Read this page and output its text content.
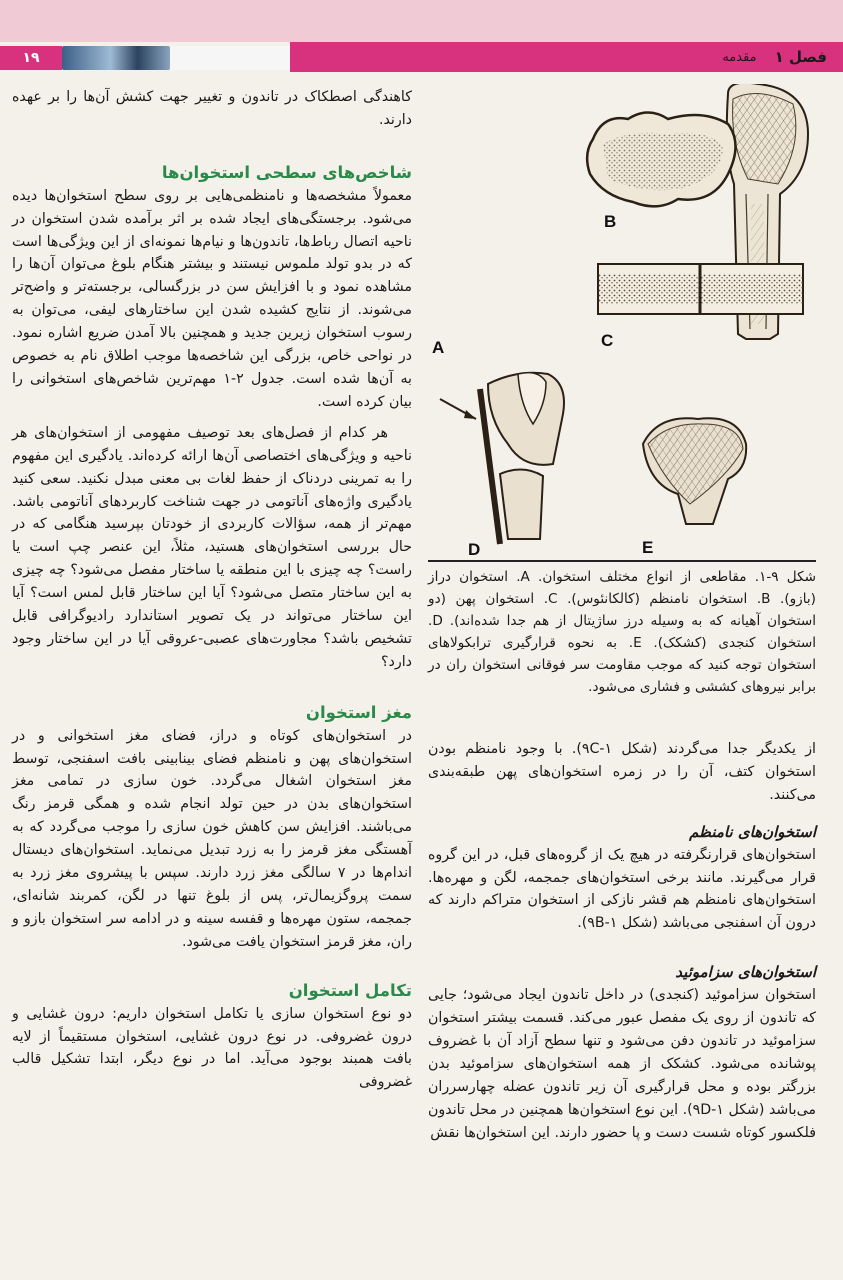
۱۹	فصل ۱
مقدمه
A
B
C
D	E
شکل ۹-۱. مقاطعی از انواع مختلف استخوان. A. استخوان دراز (بازو). B. استخوان نامنظم (کالکانئوس). C. استخوان پهن (دو استخوان آهیانه که به وسیله درز ساژیتال از هم جدا شده‌اند). D. استخوان کنجدی (کشکک). E. به نحوه قرارگیری ترابکولاهای استخوان توجه کنید که موجب مقاومت سر فوقانی استخوان ران در برابر نیروهای کششی و فشاری می‌شود.

کاهندگی اصطکاک در تاندون و تغییر جهت کشش آن‌ها را بر عهده دارند.

شاخص‌های سطحی استخوان‌ها

معمولاً مشخصه‌ها و نامنظمی‌هایی بر روی سطح استخوان‌ها دیده می‌شود. برجستگی‌های ایجاد شده بر اثر برآمده شدن استخوان در ناحیه اتصال رباط‌ها، تاندون‌ها و نیام‌ها نمونه‌ای از این ویژگی‌ها است که در بدو تولد ملموس نیستند و بیشتر هنگام بلوغ می‌توان آن‌ها را مشاهده نمود و با افزایش سن در بزرگسالی، برجسته‌تر و واضح‌تر می‌شوند. از نتایج کشیده شدن این ساختارهای لیفی، می‌توان به رسوب استخوان زیرین جدید و همچنین بالا آمدن ضریع اشاره نمود. در نواحی خاص، بزرگی این شاخصه‌ها موجب اطلاق نام به خصوص به آن‌ها شده است. جدول ۲-۱ مهم‌ترین شاخص‌های استخوانی را بیان کرده است.

هر کدام از فصل‌های بعد توصیف مفهومی از استخوان‌های هر ناحیه و ویژگی‌های اختصاصی آن‌ها ارائه کرده‌اند. یادگیری این مفهوم را به تمرینی دردناک از حفظ لغات بی معنی مبدل نکنید. سعی کنید یادگیری واژه‌های آناتومی در جهت شناخت کاربردهای آناتومی باشد. مهم‌تر از همه، سؤالات کاربردی از خودتان بپرسید هنگامی که در حال بررسی استخوان‌های هستید، مثلاً، این عنصر چپ است یا راست؟ چه چیزی با این منطقه یا ساختار مفصل می‌شود؟ چه چیزی به این ساختار متصل می‌شود؟ آیا این ساختار قابل لمس است؟ آیا این ساختار می‌تواند در یک تصویر استاندارد رادیوگرافی قابل تشخیص باشد؟ مجاورت‌های عصبی-عروقی آیا در این ساختار وجود دارد؟

مغز استخوان

در استخوان‌های کوتاه و دراز، فضای مغز استخوانی و در استخوان‌های پهن و نامنظم فضای بینابینی بافت اسفنجی، توسط مغز استخوان اشغال می‌گردد. خون سازی در تمامی مغز استخوان‌های بدن در حین تولد انجام شده و همگی قرمز رنگ می‌باشند. افزایش سن کاهش خون سازی را موجب می‌گردد که به آهستگی مغز قرمز را به زرد تبدیل می‌نماید. استخوان‌های دیستال اندام‌ها در ۷ سالگی مغز زرد دارند. سپس با پیشروی مغز زرد به سمت پروگزیمال‌تر، پس از بلوغ تنها در لگن، کمربند شانه‌ای، جمجمه، ستون مهره‌ها و قفسه سینه و در ادامه سر استخوان بازو و ران، مغز قرمز استخوان یافت می‌شود.

تکامل استخوان

دو نوع استخوان سازی یا تکامل استخوان داریم: درون غشایی و درون غضروفی. در نوع درون غشایی، استخوان مستقیماً از لایه بافت همبند بوجود می‌آید. اما در نوع دیگر، ابتدا تشکیل قالب غضروفی

از یکدیگر جدا می‌گردند (شکل ۹C-۱). با وجود نامنظم بودن استخوان کتف، آن را در زمره استخوان‌های پهن طبقه‌بندی می‌کنند.

استخوان‌های نامنظم

استخوان‌های قرارنگرفته در هیچ یک از گروه‌های قبل، در این گروه قرار می‌گیرند. مانند برخی استخوان‌های جمجمه، لگن و مهره‌ها. استخوان‌های نامنظم هم قشر نازکی از استخوان متراکم دارند که درون آن اسفنجی می‌باشد (شکل ۹B-۱).

استخوان‌های سزاموئید

استخوان سزاموئید (کنجدی) در داخل تاندون ایجاد می‌شود؛ جایی که تاندون از روی یک مفصل عبور می‌کند. قسمت بیشتر استخوان سزاموئید در تاندون دفن می‌شود و تنها سطح آزاد آن با غضروف پوشانده می‌شود. کشکک از همه استخوان‌های سزاموئید بدن بزرگتر بوده و محل قرارگیری آن زیر تاندون عضله چهارسرران می‌باشد (شکل ۹D-۱). این نوع استخوان‌ها همچنین در محل تاندون فلکسور کوتاه شست دست و پا حضور دارند. این استخوان‌ها نقش
